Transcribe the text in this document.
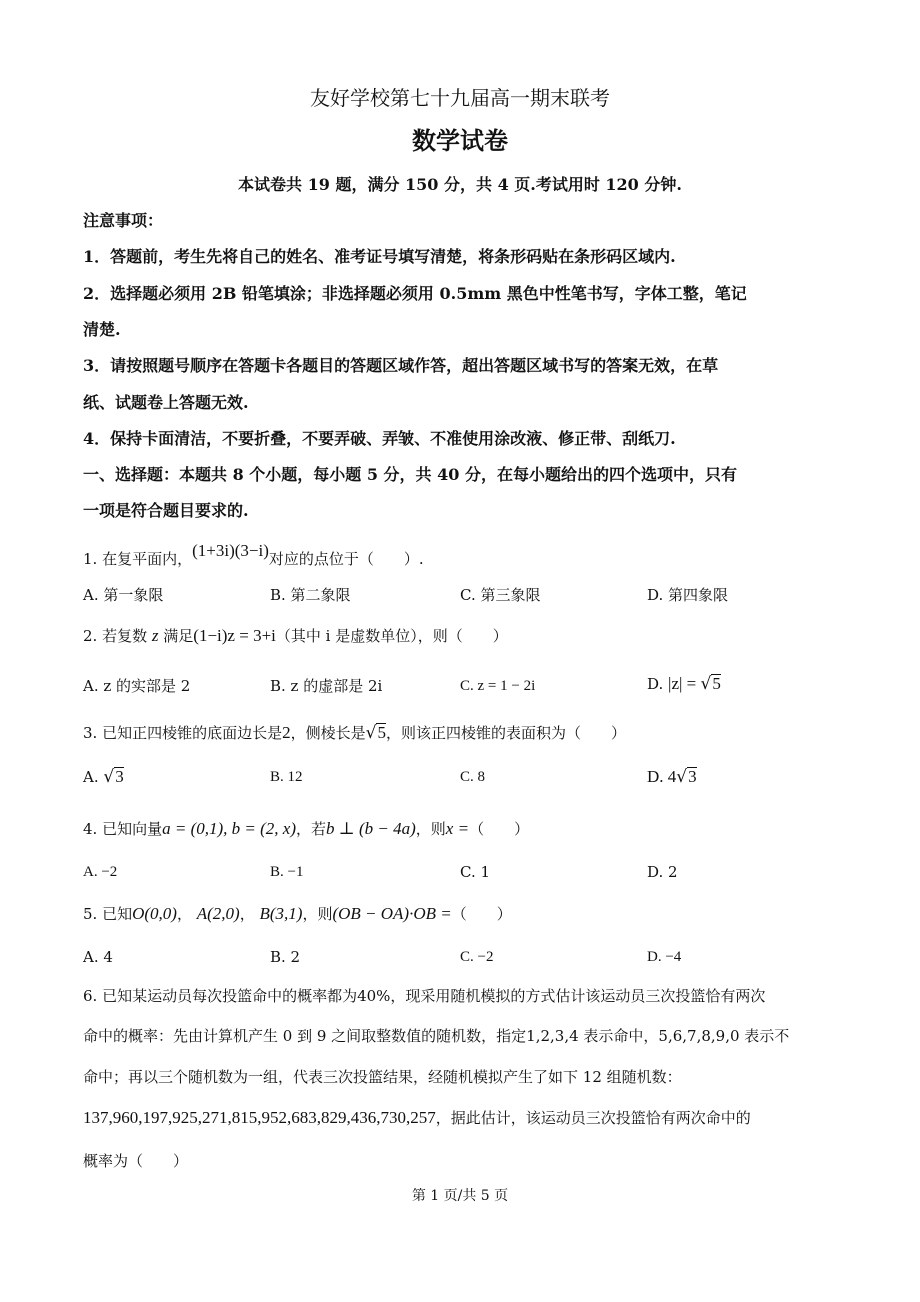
友好学校第七十九届高一期末联考
数学试卷
本试卷共 19 题，满分 150 分，共 4 页.考试用时 120 分钟.
注意事项：
1．答题前，考生先将自己的姓名、准考证号填写清楚，将条形码贴在条形码区域内.
2．选择题必须用 2B 铅笔填涂；非选择题必须用 0.5mm 黑色中性笔书写，字体工整，笔记
清楚.
3．请按照题号顺序在答题卡各题目的答题区域作答，超出答题区域书写的答案无效，在草
纸、试题卷上答题无效.
4．保持卡面清洁，不要折叠，不要弄破、弄皱、不准使用涂改液、修正带、刮纸刀.
一、选择题：本题共 8 个小题，每小题 5 分，共 40 分，在每小题给出的四个选项中，只有
一项是符合题目要求的.
1. 在复平面内，(1+3i)(3−i)对应的点位于（　　）.
A. 第一象限	B. 第二象限	C. 第三象限	D. 第四象限
2. 若复数 z 满足(1−i)z = 3+i（其中 i 是虚数单位），则（　　）
A. z 的实部是 2	B. z 的虚部是 2i	C. z = 1 − 2i	D. |z| = √5
3. 已知正四棱锥的底面边长是2，侧棱长是√5，则该正四棱锥的表面积为（　　）
A. √3	B. 12	C. 8	D. 4√3
4. 已知向量a = (0,1), b = (2, x)，若b ⊥ (b − 4a)，则x =（　　）
A. −2	B. −1	C. 1	D. 2
5. 已知O(0,0)， A(2,0)， B(3,1)，则(OB − OA)·OB =（　　）
A. 4	B. 2	C. −2	D. −4
6. 已知某运动员每次投篮命中的概率都为40%，现采用随机模拟的方式估计该运动员三次投篮恰有两次
命中的概率：先由计算机产生 0 到 9 之间取整数值的随机数，指定1,2,3,4 表示命中，5,6,7,8,9,0 表示不
命中；再以三个随机数为一组，代表三次投篮结果，经随机模拟产生了如下 12 组随机数：
137,960,197,925,271,815,952,683,829,436,730,257，据此估计，该运动员三次投篮恰有两次命中的
概率为（　　）
第 1 页/共 5 页
